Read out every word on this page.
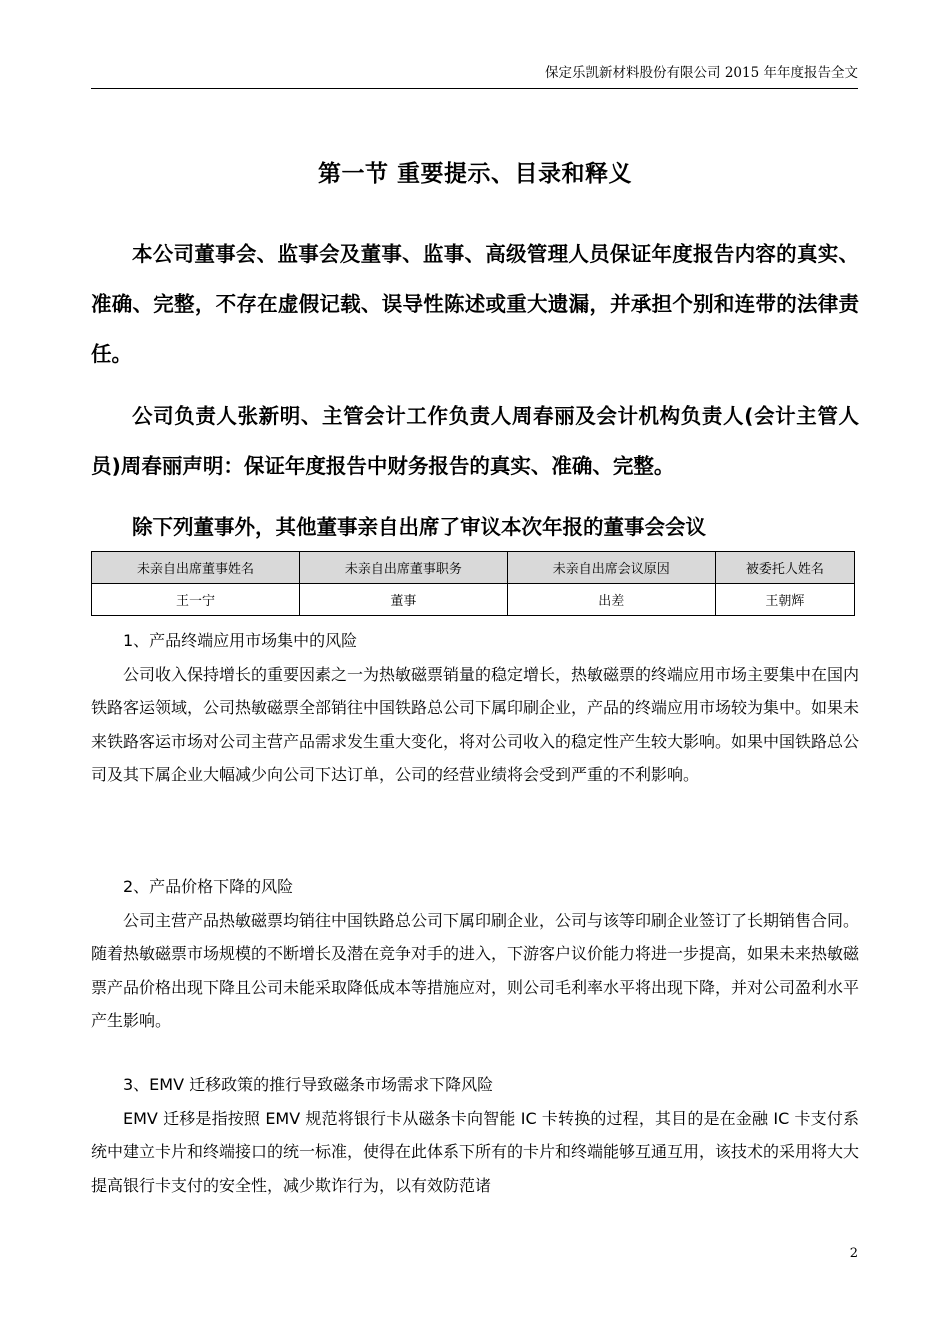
保定乐凯新材料股份有限公司 2015 年年度报告全文
第一节 重要提示、目录和释义

本公司董事会、监事会及董事、监事、高级管理人员保证年度报告内容的真实、准确、完整，不存在虚假记载、误导性陈述或重大遗漏，并承担个别和连带的法律责任。

公司负责人张新明、主管会计工作负责人周春丽及会计机构负责人(会计主管人员)周春丽声明：保证年度报告中财务报告的真实、准确、完整。

除下列董事外，其他董事亲自出席了审议本次年报的董事会会议

未亲自出席董事姓名	未亲自出席董事职务	未亲自出席会议原因	被委托人姓名
王一宁	董事	出差	王朝辉

1、产品终端应用市场集中的风险

公司收入保持增长的重要因素之一为热敏磁票销量的稳定增长，热敏磁票的终端应用市场主要集中在国内铁路客运领域，公司热敏磁票全部销往中国铁路总公司下属印刷企业，产品的终端应用市场较为集中。如果未来铁路客运市场对公司主营产品需求发生重大变化，将对公司收入的稳定性产生较大影响。如果中国铁路总公司及其下属企业大幅减少向公司下达订单，公司的经营业绩将会受到严重的不利影响。

2、产品价格下降的风险

公司主营产品热敏磁票均销往中国铁路总公司下属印刷企业，公司与该等印刷企业签订了长期销售合同。随着热敏磁票市场规模的不断增长及潜在竞争对手的进入，下游客户议价能力将进一步提高，如果未来热敏磁票产品价格出现下降且公司未能采取降低成本等措施应对，则公司毛利率水平将出现下降，并对公司盈利水平产生影响。

3、EMV 迁移政策的推行导致磁条市场需求下降风险

EMV 迁移是指按照 EMV 规范将银行卡从磁条卡向智能 IC 卡转换的过程，其目的是在金融 IC 卡支付系统中建立卡片和终端接口的统一标准，使得在此体系下所有的卡片和终端能够互通互用，该技术的采用将大大提高银行卡支付的安全性，减少欺诈行为，以有效防范诸

2
